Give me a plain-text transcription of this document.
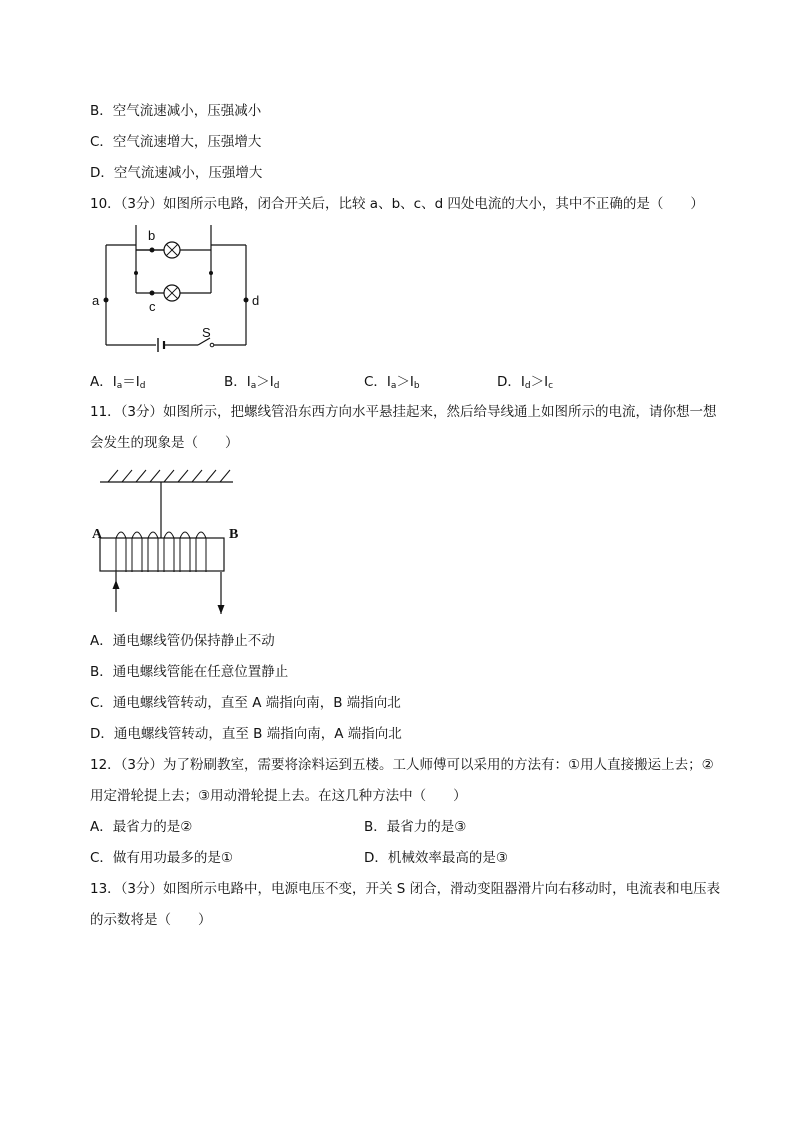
B．空气流速减小，压强减小
C．空气流速增大，压强增大
D．空气流速减小，压强增大
10．（3分）如图所示电路，闭合开关后，比较 a、b、c、d 四处电流的大小，其中不正确的是（　　）
a
b
c	d
S
A．$I_a=I_d$	B．$I_a>I_d$	C．$I_a>I_b$	D．$I_d>I_c$
11．（3分）如图所示，把螺线管沿东西方向水平悬挂起来，然后给导线通上如图所示的电流，请你想一想
会发生的现象是（　　）
A	B
A．通电螺线管仍保持静止不动
B．通电螺线管能在任意位置静止
C．通电螺线管转动，直至 A 端指向南，B 端指向北
D．通电螺线管转动，直至 B 端指向南，A 端指向北
12．（3分）为了粉刷教室，需要将涂料运到五楼。工人师傅可以采用的方法有：①用人直接搬运上去；②
用定滑轮提上去；③用动滑轮提上去。在这几种方法中（　　）
A．最省力的是②	B．最省力的是③
C．做有用功最多的是①	D．机械效率最高的是③
13．（3分）如图所示电路中，电源电压不变，开关 S 闭合，滑动变阻器滑片向右移动时，电流表和电压表
的示数将是（　　）
